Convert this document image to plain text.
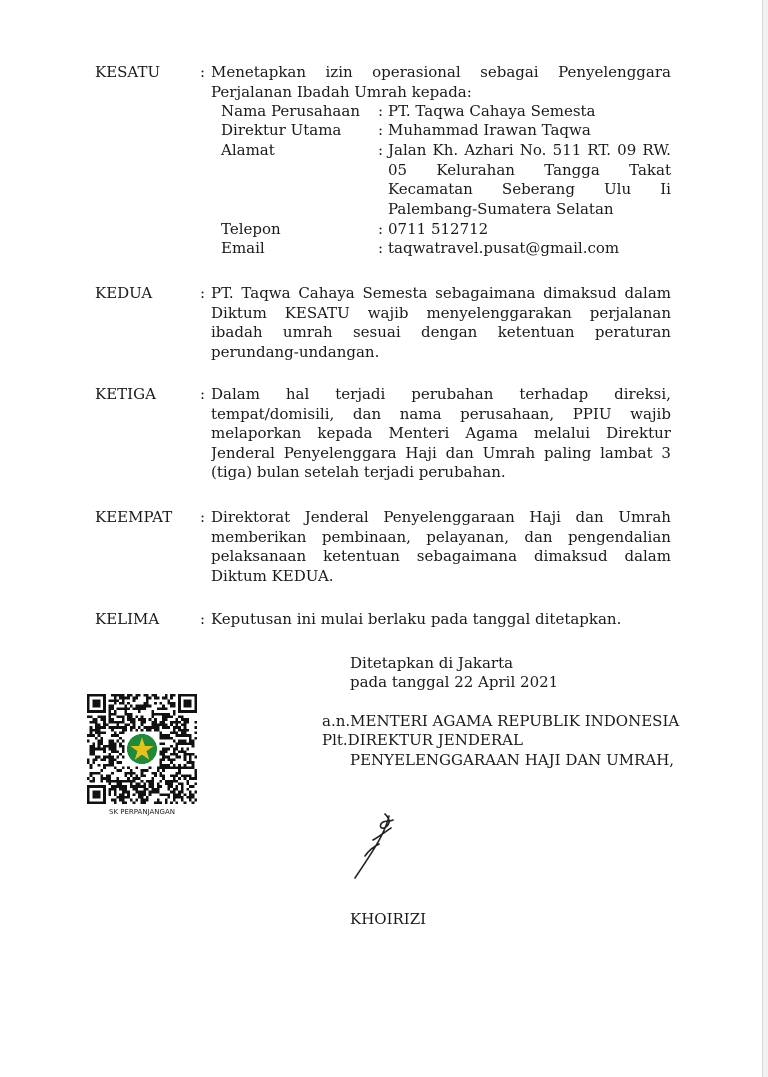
KESATU	: Menetapkan izin operasional sebagai Penyelenggara
Perjalanan Ibadah Umrah kepada:
Nama Perusahaan : PT. Taqwa Cahaya Semesta
Direktur Utama : Muhammad Irawan Taqwa
Alamat	: Jalan Kh. Azhari No. 511 RT. 09 RW.
05 Kelurahan Tangga Takat
Kecamatan Seberang Ulu Ii
Palembang-Sumatera Selatan
Telepon	: 0711 512712
Email	: taqwatravel.pusat@gmail.com
KEDUA	: PT. Taqwa Cahaya Semesta sebagaimana dimaksud dalam
Diktum KESATU wajib menyelenggarakan perjalanan
ibadah umrah sesuai dengan ketentuan peraturan
perundang-undangan.
KETIGA	: Dalam hal terjadi perubahan terhadap direksi,
tempat/domisili, dan nama perusahaan, PPIU wajib
melaporkan kepada Menteri Agama melalui Direktur
Jenderal Penyelenggara Haji dan Umrah paling lambat 3
(tiga) bulan setelah terjadi perubahan.
KEEMPAT : Direktorat Jenderal Penyelenggaraan Haji dan Umrah
memberikan pembinaan, pelayanan, dan pengendalian
pelaksanaan ketentuan sebagaimana dimaksud dalam
Diktum KEDUA.
KELIMA	: Keputusan ini mulai berlaku pada tanggal ditetapkan.
Ditetapkan di Jakarta
pada tanggal 22 April 2021
a.n.MENTERI AGAMA REPUBLIK INDONESIA
Plt.DIREKTUR JENDERAL
PENYELENGGARAAN HAJI DAN UMRAH,
SK PERPANJANGAN
KHOIRIZI
